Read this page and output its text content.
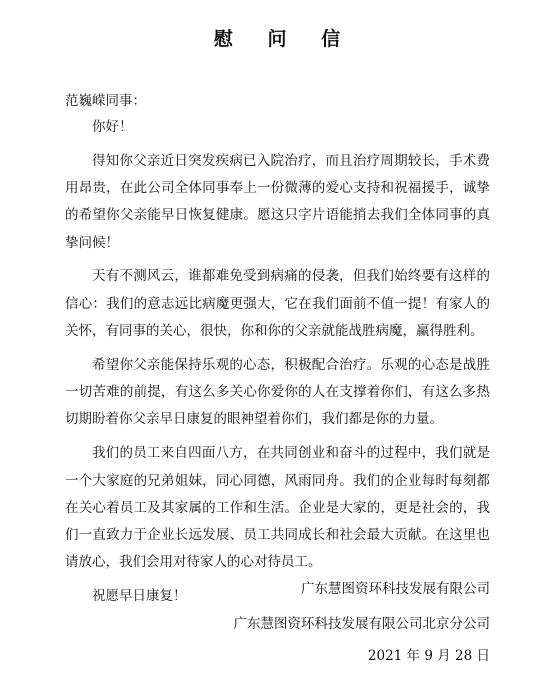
慰 问 信
范巍嵘同事：

你好！

得知你父亲近日突发疾病已入院治疗，而且治疗周期较长，手术费用昂贵，在此公司全体同事奉上一份微薄的爱心支持和祝福援手，诚挚的希望你父亲能早日恢复健康。愿这只字片语能捎去我们全体同事的真挚问候！

天有不测风云，谁都难免受到病痛的侵袭，但我们始终要有这样的信心：我们的意志远比病魔更强大，它在我们面前不值一提！有家人的关怀，有同事的关心，很快，你和你的父亲就能战胜病魔，赢得胜利。

希望你父亲能保持乐观的心态，积极配合治疗。乐观的心态是战胜一切苦难的前提，有这么多关心你爱你的人在支撑着你们，有这么多热切期盼着你父亲早日康复的眼神望着你们，我们都是你的力量。

我们的员工来自四面八方，在共同创业和奋斗的过程中，我们就是一个大家庭的兄弟姐妹，同心同德，风雨同舟。我们的企业每时每刻都在关心着员工及其家属的工作和生活。企业是大家的，更是社会的，我们一直致力于企业长远发展、员工共同成长和社会最大贡献。在这里也请放心，我们会用对待家人的心对待员工。

祝愿早日康复！	广东慧图资环科技发展有限公司
广东慧图资环科技发展有限公司北京分公司
2021 年 9 月 28 日
